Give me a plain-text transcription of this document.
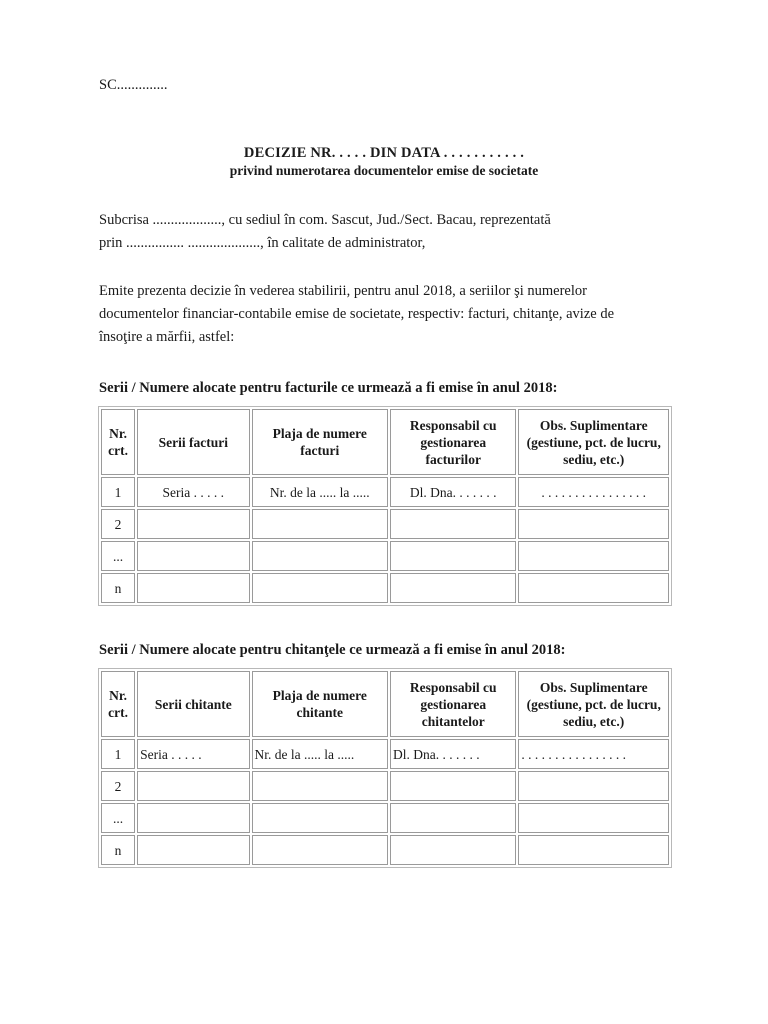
SC..............
DECIZIE NR. . . . . DIN DATA . . . . . . . . . . .
privind numerotarea documentelor emise de societate
Subcrisa ..................., cu sediul în com. Sascut, Jud./Sect. Bacau, reprezentată
prin ................ ...................., în calitate de administrator,
Emite prezenta decizie în vederea stabilirii, pentru anul 2018, a seriilor şi numerelor
documentelor financiar-contabile emise de societate, respectiv: facturi, chitanţe, avize de
însoţire a mărfii, astfel:
Serii / Numere alocate pentru facturile ce urmează a fi emise în anul 2018:
Nr. crt.	Serii facturi	Plaja de numere facturi	Responsabil cu gestionarea facturilor	Obs. Suplimentare (gestiune, pct. de lucru, sediu, etc.)
1	Seria . . . . .	Nr. de la ..... la .....	Dl. Dna. . . . . . .	. . . . . . . . . . . . . . . .
2				
...				
n				
Serii / Numere alocate pentru chitanţele ce urmează a fi emise în anul 2018:
Nr. crt.	Serii chitante	Plaja de numere chitante	Responsabil cu gestionarea chitantelor	Obs. Suplimentare (gestiune, pct. de lucru, sediu, etc.)
1	Seria . . . . .	Nr. de la ..... la .....	Dl. Dna. . . . . . .	. . . . . . . . . . . . . . . .
2				
...				
n				
